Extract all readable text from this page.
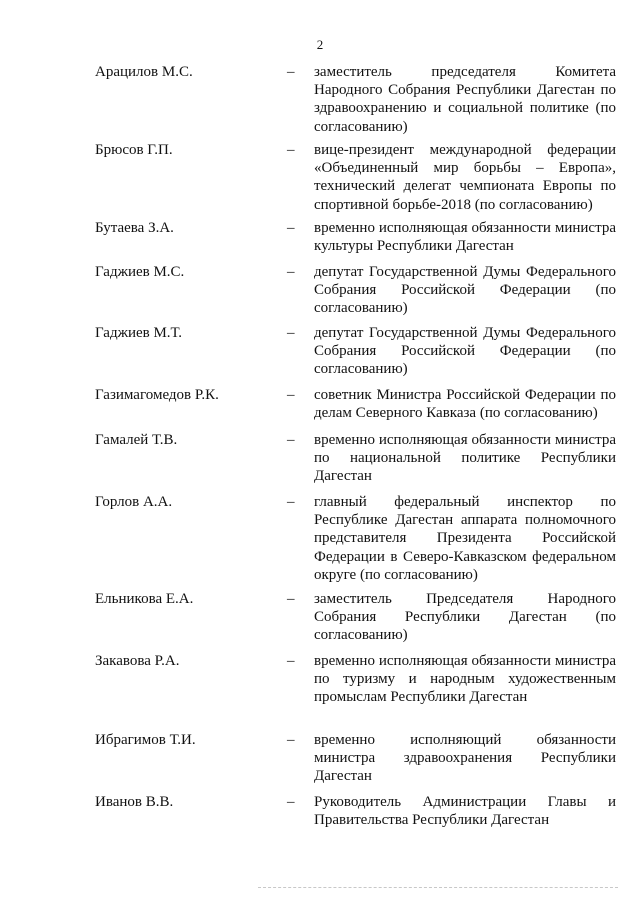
2
Арацилов М.С.	– заместитель председателя Комитета Народного Собрания Республики Дагестан по здравоохранению и социальной политике (по согласованию)

Брюсов Г.П.	– вице-президент международной федерации «Объединенный мир борьбы – Европа», технический делегат чемпионата Европы по спортивной борьбе-2018 (по согласованию)

Бутаева З.А.	– временно исполняющая обязанности министра культуры Республики Дагестан

Гаджиев М.С.	– депутат Государственной Думы Федерального Собрания Российской Федерации (по согласованию)

Гаджиев М.Т.	– депутат Государственной Думы Федерального Собрания Российской Федерации (по согласованию)

Газимагомедов Р.К.	– советник Министра Российской Федерации по делам Северного Кавказа (по согласованию)

Гамалей Т.В.	– временно исполняющая обязанности министра по национальной политике Республики Дагестан

Горлов А.А.	– главный федеральный инспектор по Республике Дагестан аппарата полномочного представителя Президента Российской Федерации в Северо-Кавказском федеральном округе (по согласованию)

Ельникова Е.А.	– заместитель Председателя Народного Собрания Республики Дагестан (по согласованию)

Закавова Р.А.	– временно исполняющая обязанности министра по туризму и народным художественным промыслам Республики Дагестан

Ибрагимов Т.И.	– временно исполняющий обязанности министра здравоохранения Республики Дагестан

Иванов В.В.	– Руководитель Администрации Главы и Правительства Республики Дагестан
